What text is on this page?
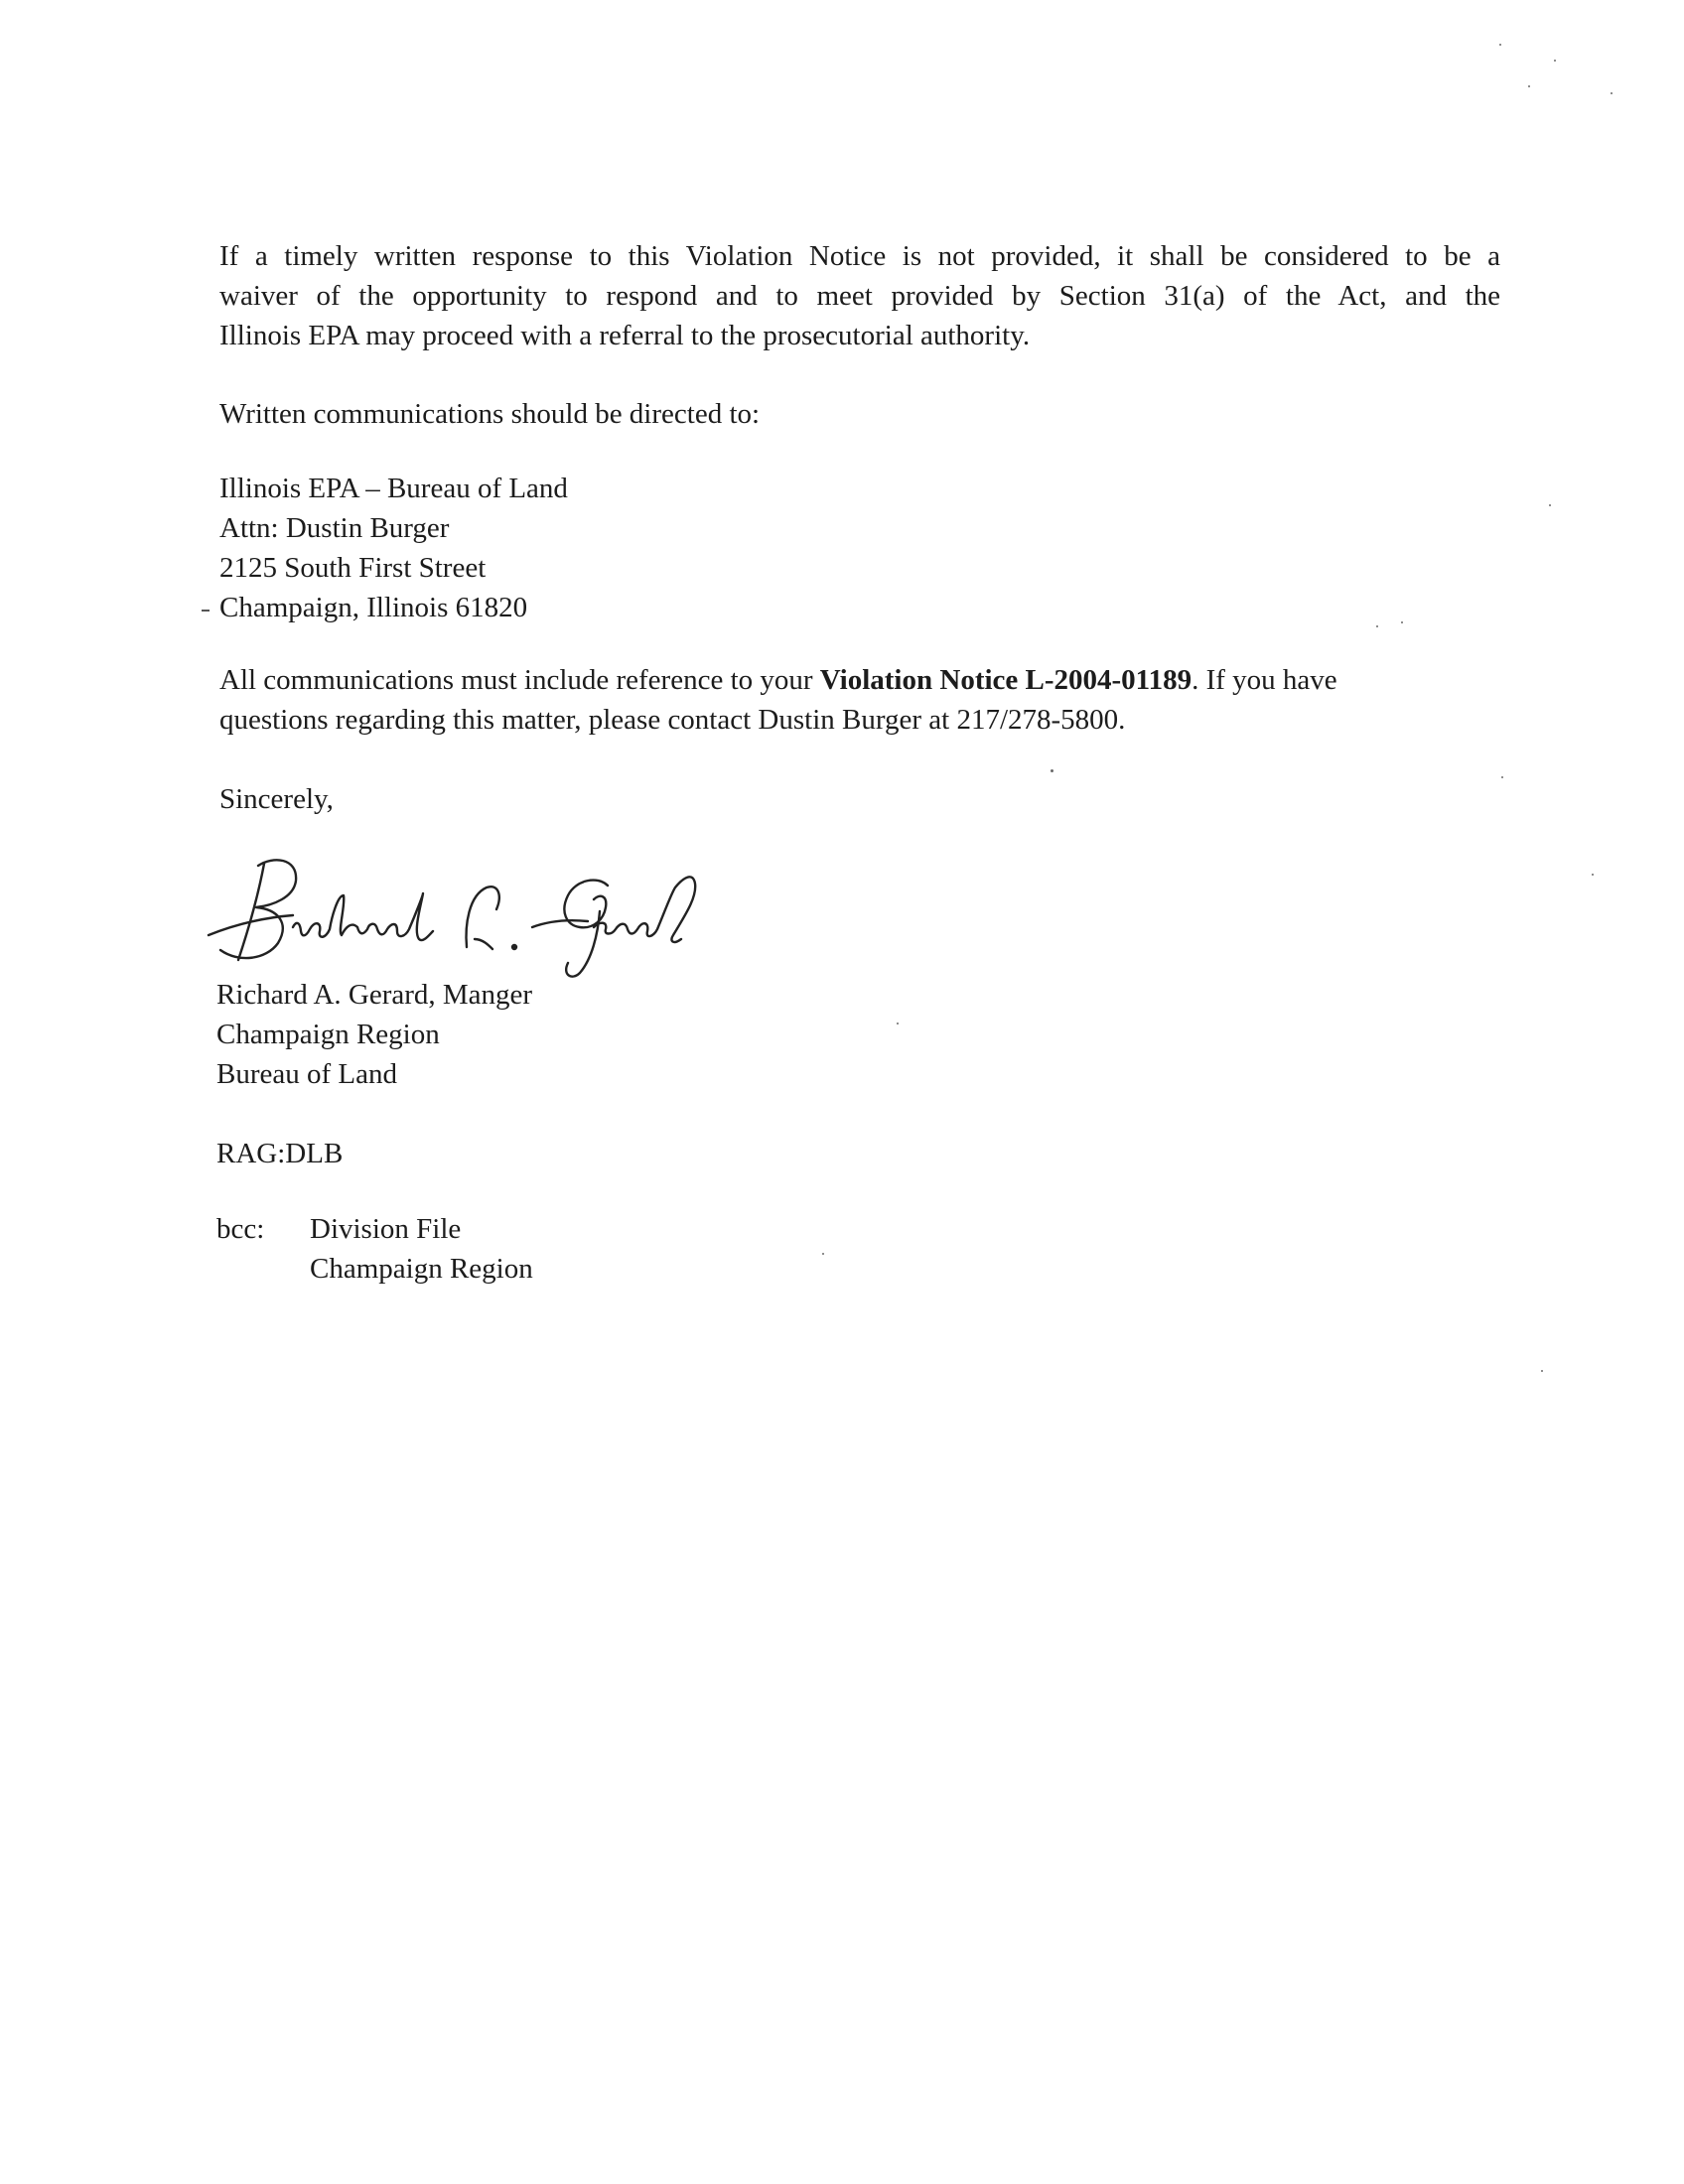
If a timely written response to this Violation Notice is not provided, it shall be considered to be a
waiver of the opportunity to respond and to meet provided by Section 31(a) of the Act, and the
Illinois EPA may proceed with a referral to the prosecutorial authority.
Written communications should be directed to:
Illinois EPA – Bureau of Land
Attn: Dustin Burger
2125 South First Street
Champaign, Illinois 61820
All communications must include reference to your Violation Notice L-2004-01189. If you have
questions regarding this matter, please contact Dustin Burger at 217/278-5800.
Sincerely,
Richard A. Gerard, Manger
Champaign Region
Bureau of Land
RAG:DLB
bcc:	Division File
Champaign Region
